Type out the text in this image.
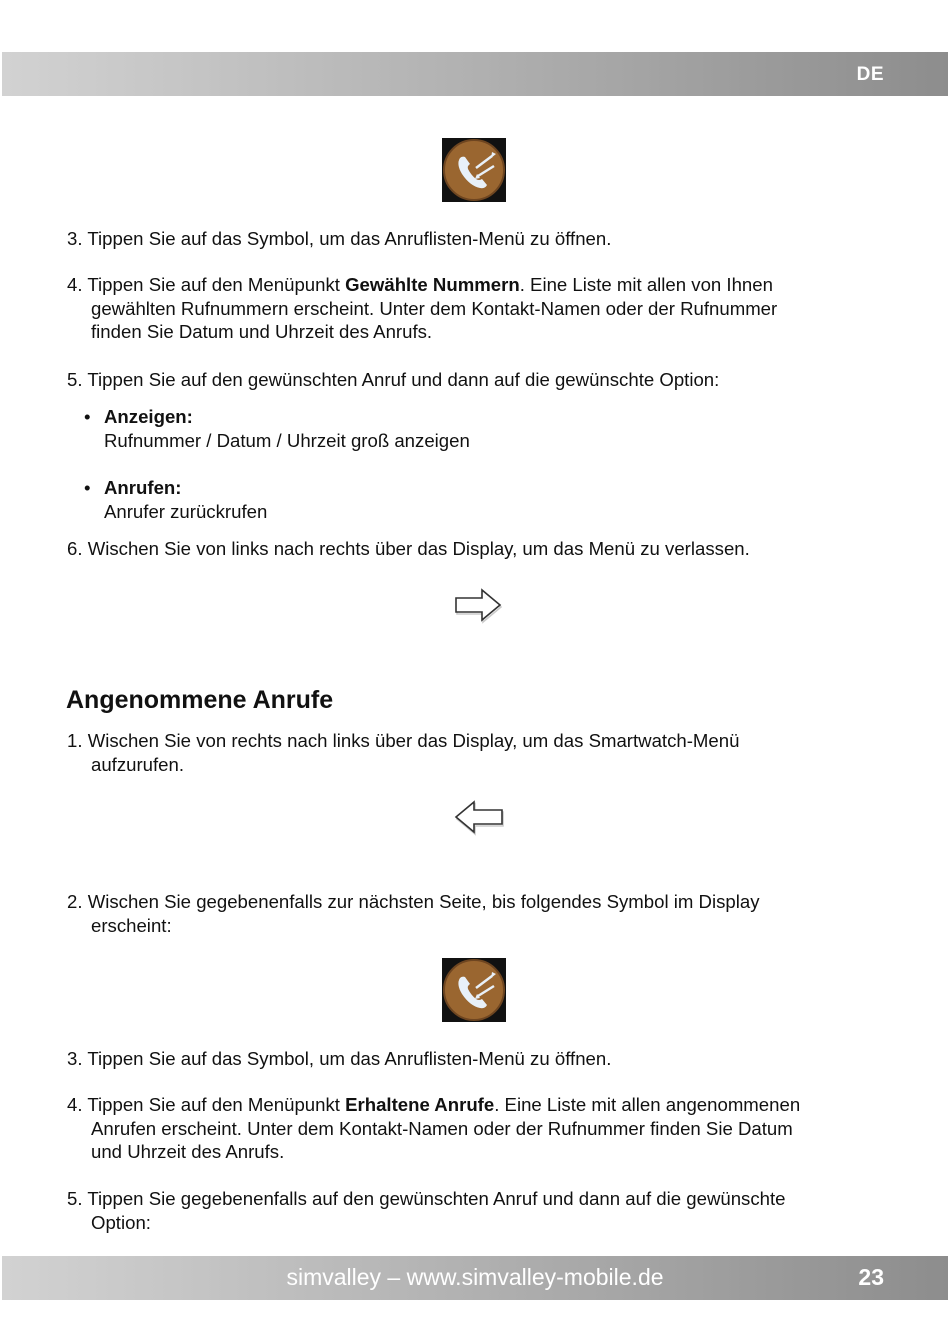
DE

3. Tippen Sie auf das Symbol, um das Anruflisten-Menü zu öffnen.

4. Tippen Sie auf den Menüpunkt Gewählte Nummern. Eine Liste mit allen von Ihnen
gewählten Rufnummern erscheint. Unter dem Kontakt-Namen oder der Rufnummer
finden Sie Datum und Uhrzeit des Anrufs.

5. Tippen Sie auf den gewünschten Anruf und dann auf die gewünschte Option:

• Anzeigen:
Rufnummer / Datum / Uhrzeit groß anzeigen
• Anrufen:
Anrufer zurückrufen

6. Wischen Sie von links nach rechts über das Display, um das Menü zu verlassen.

Angenommene Anrufe

1. Wischen Sie von rechts nach links über das Display, um das Smartwatch-Menü
aufzurufen.

2. Wischen Sie gegebenenfalls zur nächsten Seite, bis folgendes Symbol im Display
erscheint:

3. Tippen Sie auf das Symbol, um das Anruflisten-Menü zu öffnen.

4. Tippen Sie auf den Menüpunkt Erhaltene Anrufe. Eine Liste mit allen angenommenen
Anrufen erscheint. Unter dem Kontakt-Namen oder der Rufnummer finden Sie Datum
und Uhrzeit des Anrufs.

5. Tippen Sie gegebenenfalls auf den gewünschten Anruf und dann auf die gewünschte
Option:

simvalley – www.simvalley-mobile.de	23
